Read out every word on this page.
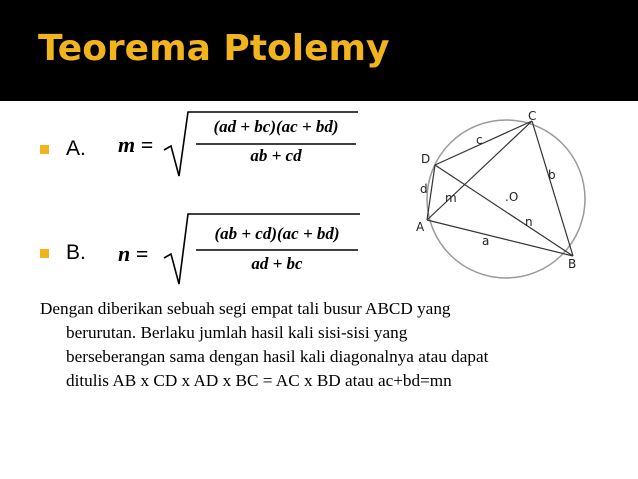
Teorema Ptolemy
A. m =
(ad + bc)(ac + bd)
ab + cd
B. n =
(ab + cd)(ac + bd)
ad + bc
C
D
A
B
.O
c
b
d
m
n
a
Dengan diberikan sebuah segi empat tali busur ABCD yang
berurutan. Berlaku jumlah hasil kali sisi-sisi yang
berseberangan sama dengan hasil kali diagonalnya atau dapat
ditulis AB x CD x AD x BC = AC x BD atau ac+bd=mn
